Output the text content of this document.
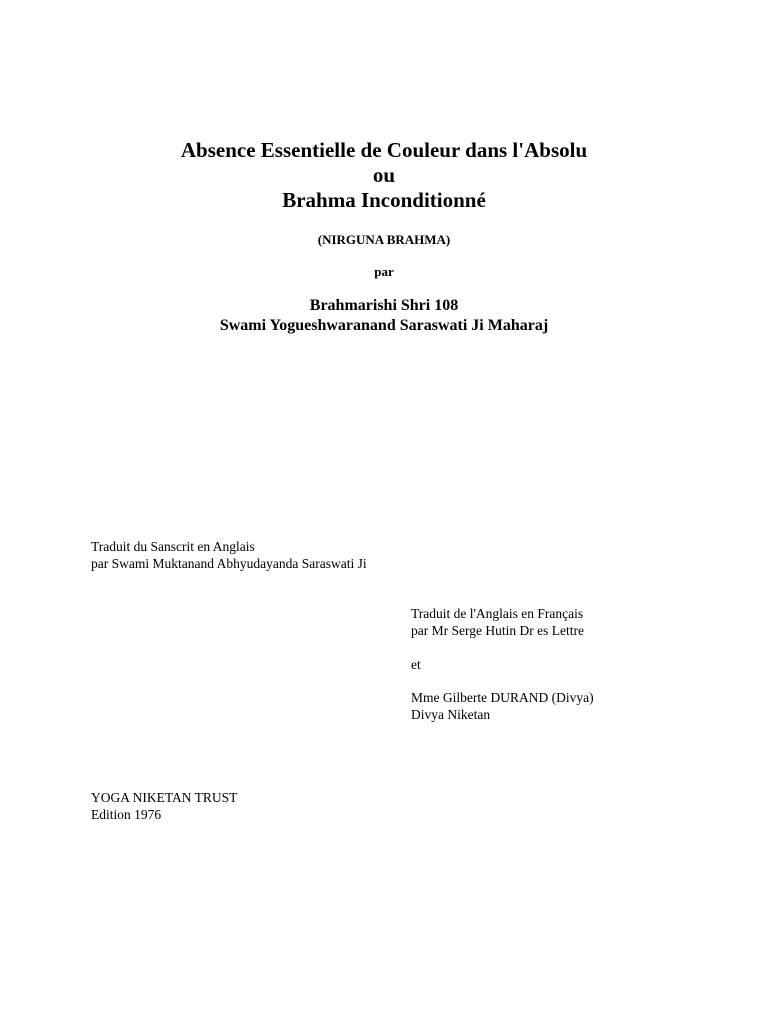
Absence Essentielle de Couleur dans l'Absolu
ou
Brahma Inconditionné
(NIRGUNA BRAHMA)
par
Brahmarishi Shri 108
Swami Yogueshwaranand Saraswati Ji Maharaj
Traduit du Sanscrit en Anglais
par Swami Muktanand Abhyudayanda Saraswati Ji
Traduit de l'Anglais en Français
par Mr Serge Hutin Dr es Lettre
et
Mme Gilberte DURAND (Divya)
Divya Niketan
YOGA NIKETAN TRUST
Edition 1976
